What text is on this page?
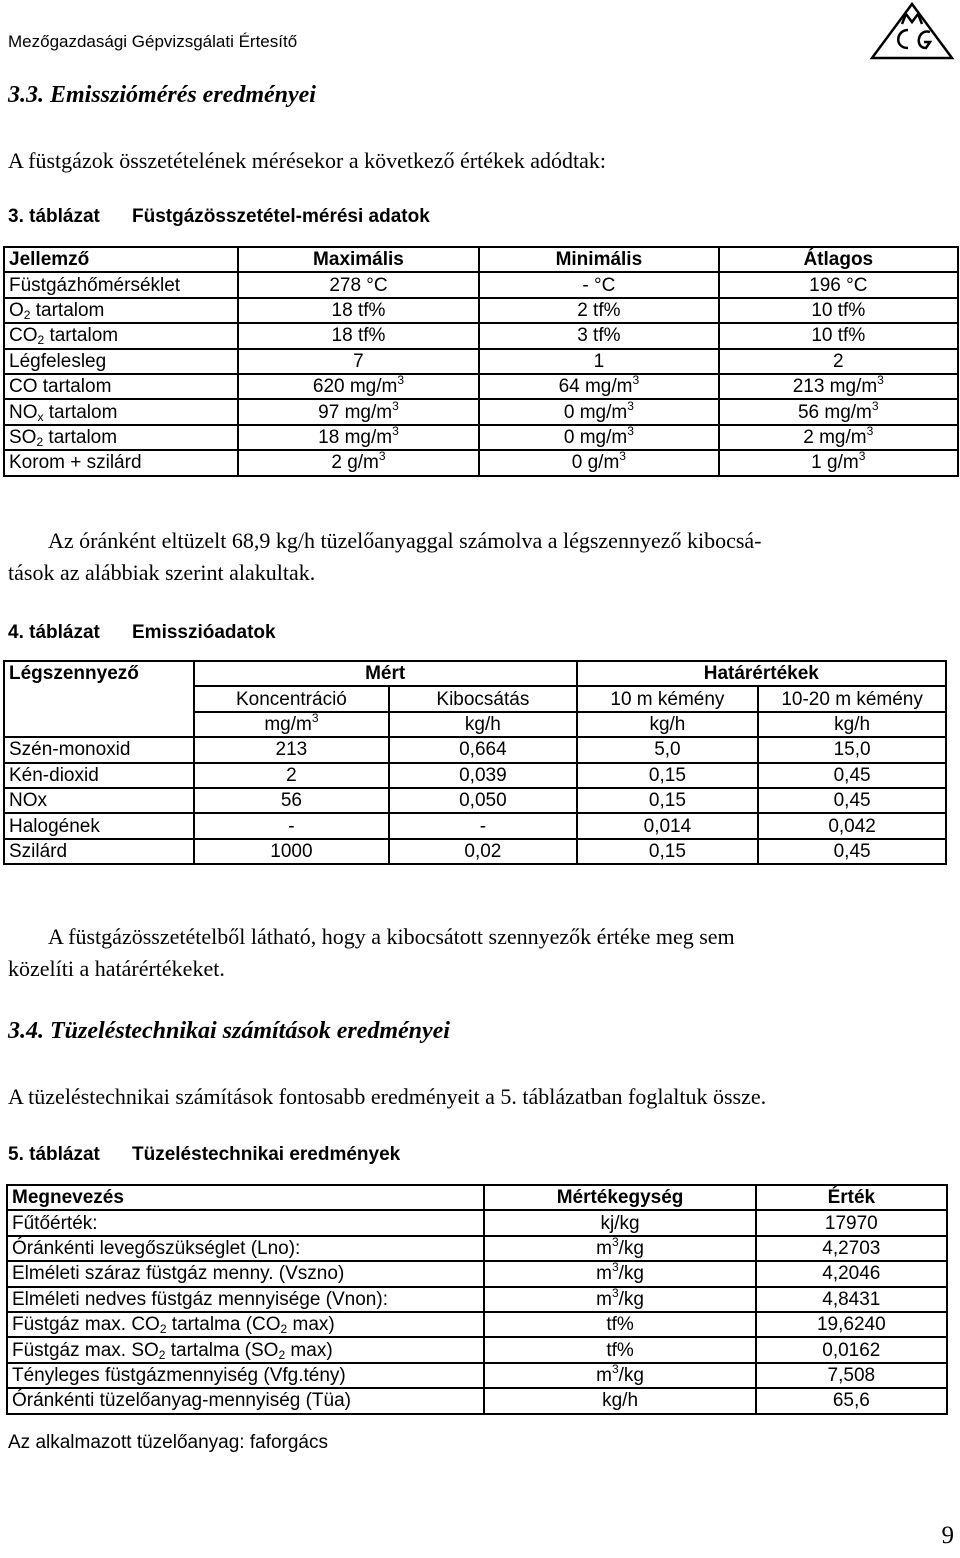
Mezőgazdasági Gépvizsgálati Értesítő
3.3. Emissziómérés eredményei
A füstgázok összetételének mérésekor a következő értékek adódtak:
3. táblázat Füstgázösszetétel-mérési adatok
Jellemző	Maximális	Minimális	Átlagos
Füstgázhőmérséklet	278 °C	- °C	196 °C
$O_2$ tartalom	18 tf%	2 tf%	10 tf%
$CO_2$ tartalom	18 tf%	3 tf%	10 tf%
Légfelesleg	7	1	2
CO tartalom	620 $mg/m^3$	64 $mg/m^3$	213 $mg/m^3$
$NO_x$ tartalom	97 $mg/m^3$	0 $mg/m^3$	56 $mg/m^3$
$SO_2$ tartalom	18 $mg/m^3$	0 $mg/m^3$	2 $mg/m^3$
Korom + szilárd	2 $g/m^3$	0 $g/m^3$	1 $g/m^3$
Az óránként eltüzelt 68,9 kg/h tüzelőanyaggal számolva a légszennyező kibocsá-
tások az alábbiak szerint alakultak.
4. táblázat Emisszióadatok
Légszennyező	Mért		Határértékek	
	Koncentráció	Kibocsátás	10 m kémény	10-20 m kémény
	$mg/m^3$	kg/h	kg/h	kg/h
Szén-monoxid	213	0,664	5,0	15,0
Kén-dioxid	2	0,039	0,15	0,45
NOx	56	0,050	0,15	0,45
Halogének	-	-	0,014	0,042
Szilárd	1000	0,02	0,15	0,45
A füstgázösszetételből látható, hogy a kibocsátott szennyezők értéke meg sem
közelíti a határértékeket.
3.4. Tüzeléstechnikai számítások eredményei
A tüzeléstechnikai számítások fontosabb eredményeit a 5. táblázatban foglaltuk össze.
5. táblázat Tüzeléstechnikai eredmények
Megnevezés	Mértékegység	Érték
Fűtőérték:	kj/kg	17970
Óránkénti levegőszükséglet (Lno):	$m^3/kg$	4,2703
Elméleti száraz füstgáz menny. (Vszno)	$m^3/kg$	4,2046
Elméleti nedves füstgáz mennyisége (Vnon):	$m^3/kg$	4,8431
Füstgáz max. $CO_2$ tartalma ($CO_2$ max)	tf%	19,6240
Füstgáz max. $SO_2$ tartalma ($SO_2$ max)	tf%	0,0162
Tényleges füstgázmennyiség (Vfg.tény)	$m^3/kg$	7,508
Óránkénti tüzelőanyag-mennyiség (Tüa)	kg/h	65,6
Az alkalmazott tüzelőanyag: faforgács
9
